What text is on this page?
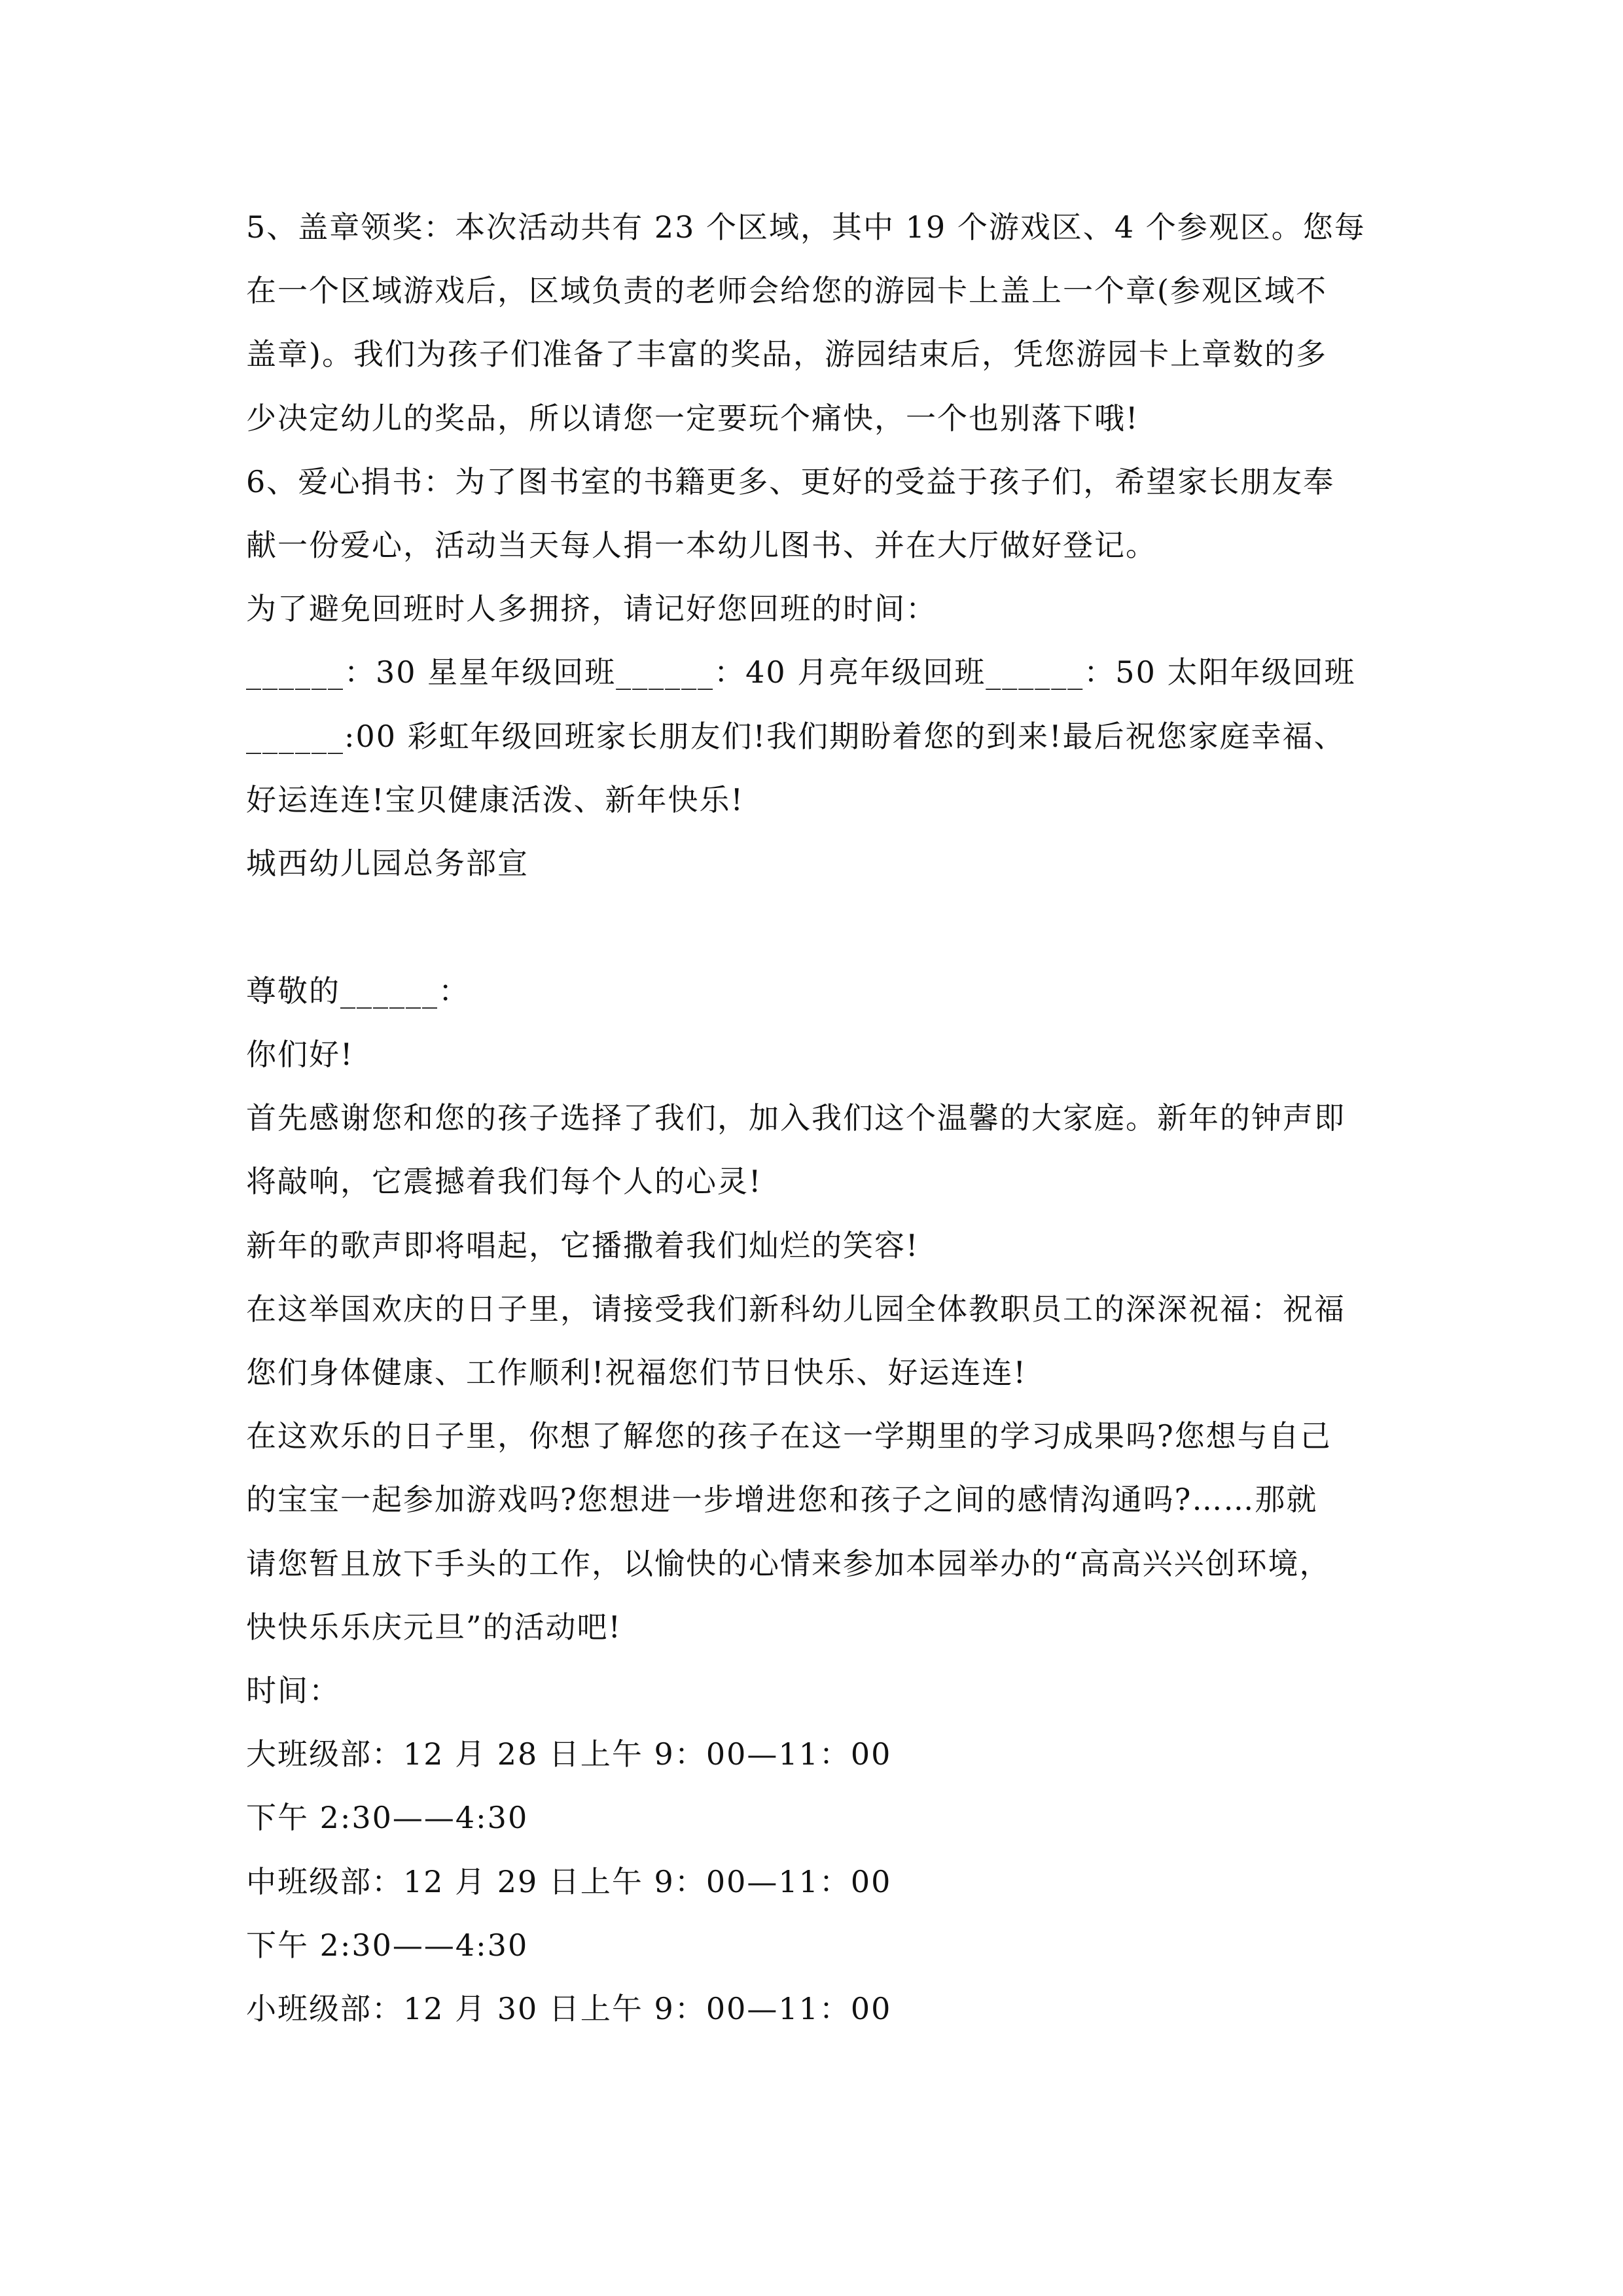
5、盖章领奖：本次活动共有 23 个区域，其中 19 个游戏区、4 个参观区。您每
在一个区域游戏后，区域负责的老师会给您的游园卡上盖上一个章(参观区域不
盖章)。我们为孩子们准备了丰富的奖品，游园结束后，凭您游园卡上章数的多
少决定幼儿的奖品，所以请您一定要玩个痛快，一个也别落下哦!
6、爱心捐书：为了图书室的书籍更多、更好的受益于孩子们，希望家长朋友奉
献一份爱心，活动当天每人捐一本幼儿图书、并在大厅做好登记。
为了避免回班时人多拥挤，请记好您回班的时间：
______：30 星星年级回班______：40 月亮年级回班______：50 太阳年级回班
______:00 彩虹年级回班家长朋友们!我们期盼着您的到来!最后祝您家庭幸福、
好运连连!宝贝健康活泼、新年快乐!
城西幼儿园总务部宣
尊敬的______：
你们好!
首先感谢您和您的孩子选择了我们，加入我们这个温馨的大家庭。新年的钟声即
将敲响，它震撼着我们每个人的心灵!
新年的歌声即将唱起，它播撒着我们灿烂的笑容!
在这举国欢庆的日子里，请接受我们新科幼儿园全体教职员工的深深祝福：祝福
您们身体健康、工作顺利!祝福您们节日快乐、好运连连!
在这欢乐的日子里，你想了解您的孩子在这一学期里的学习成果吗?您想与自己
的宝宝一起参加游戏吗?您想进一步增进您和孩子之间的感情沟通吗?……那就
请您暂且放下手头的工作，以愉快的心情来参加本园举办的“高高兴兴创环境，
快快乐乐庆元旦”的活动吧!
时间：
大班级部：12 月 28 日上午 9：00—11：00
下午 2:30——4:30
中班级部：12 月 29 日上午 9：00—11：00
下午 2:30——4:30
小班级部：12 月 30 日上午 9：00—11：00
